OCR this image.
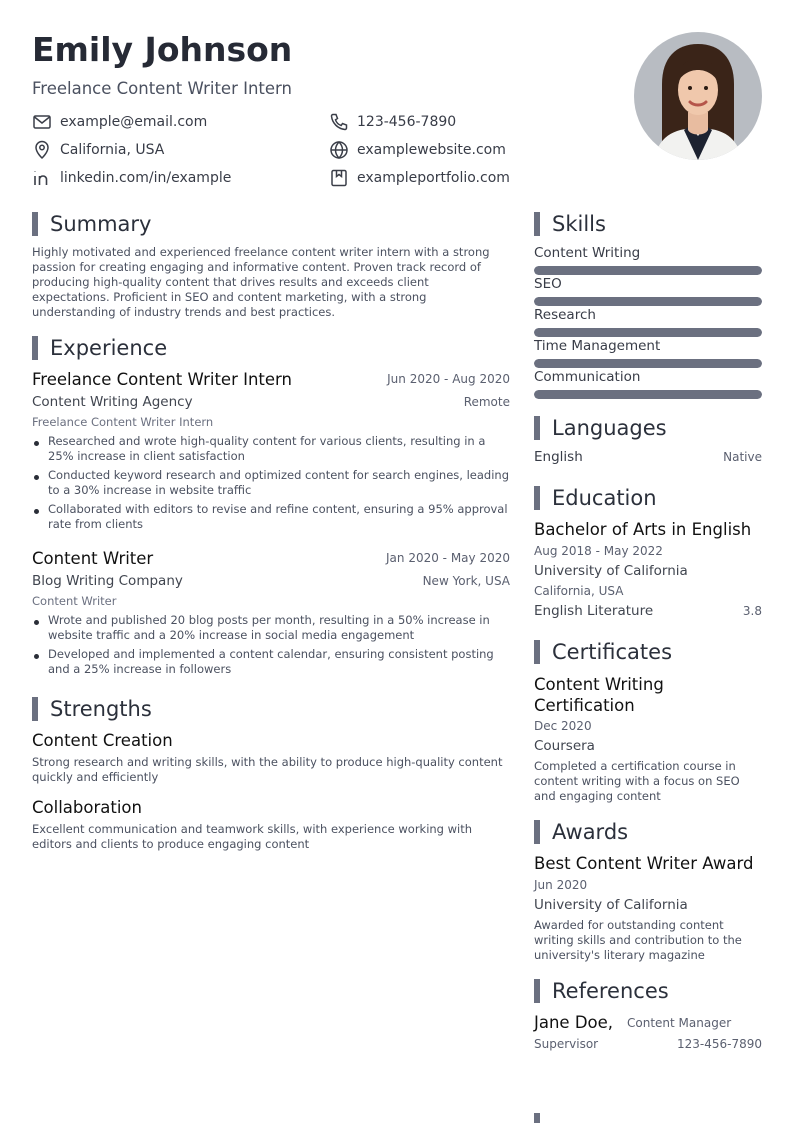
Emily Johnson
Freelance Content Writer Intern
example@email.com	123-456-7890
California, USA	examplewebsite.com
linkedin.com/in/example	exampleportfolio.com
Summary
Highly motivated and experienced freelance content writer intern with a strong passion for creating engaging and informative content. Proven track record of producing high-quality content that drives results and exceeds client expectations. Proficient in SEO and content marketing, with a strong understanding of industry trends and best practices.
Experience
Freelance Content Writer Intern	Jun 2020 - Aug 2020
Content Writing Agency	Remote
Freelance Content Writer Intern
Researched and wrote high-quality content for various clients, resulting in a 25% increase in client satisfaction
Conducted keyword research and optimized content for search engines, leading to a 30% increase in website traffic
Collaborated with editors to revise and refine content, ensuring a 95% approval rate from clients
Content Writer	Jan 2020 - May 2020
Blog Writing Company	New York, USA
Content Writer
Wrote and published 20 blog posts per month, resulting in a 50% increase in website traffic and a 20% increase in social media engagement
Developed and implemented a content calendar, ensuring consistent posting and a 25% increase in followers
Strengths
Content Creation
Strong research and writing skills, with the ability to produce high-quality content quickly and efficiently
Collaboration
Excellent communication and teamwork skills, with experience working with editors and clients to produce engaging content
Skills
Content Writing
SEO
Research
Time Management
Communication
Languages
English	Native
Education
Bachelor of Arts in English
Aug 2018 - May 2022
University of California
California, USA
English Literature	3.8
Certificates
Content Writing Certification
Dec 2020
Coursera
Completed a certification course in content writing with a focus on SEO and engaging content
Awards
Best Content Writer Award
Jun 2020
University of California
Awarded for outstanding content writing skills and contribution to the university's literary magazine
References
Jane Doe, Content Manager
Supervisor	123-456-7890
